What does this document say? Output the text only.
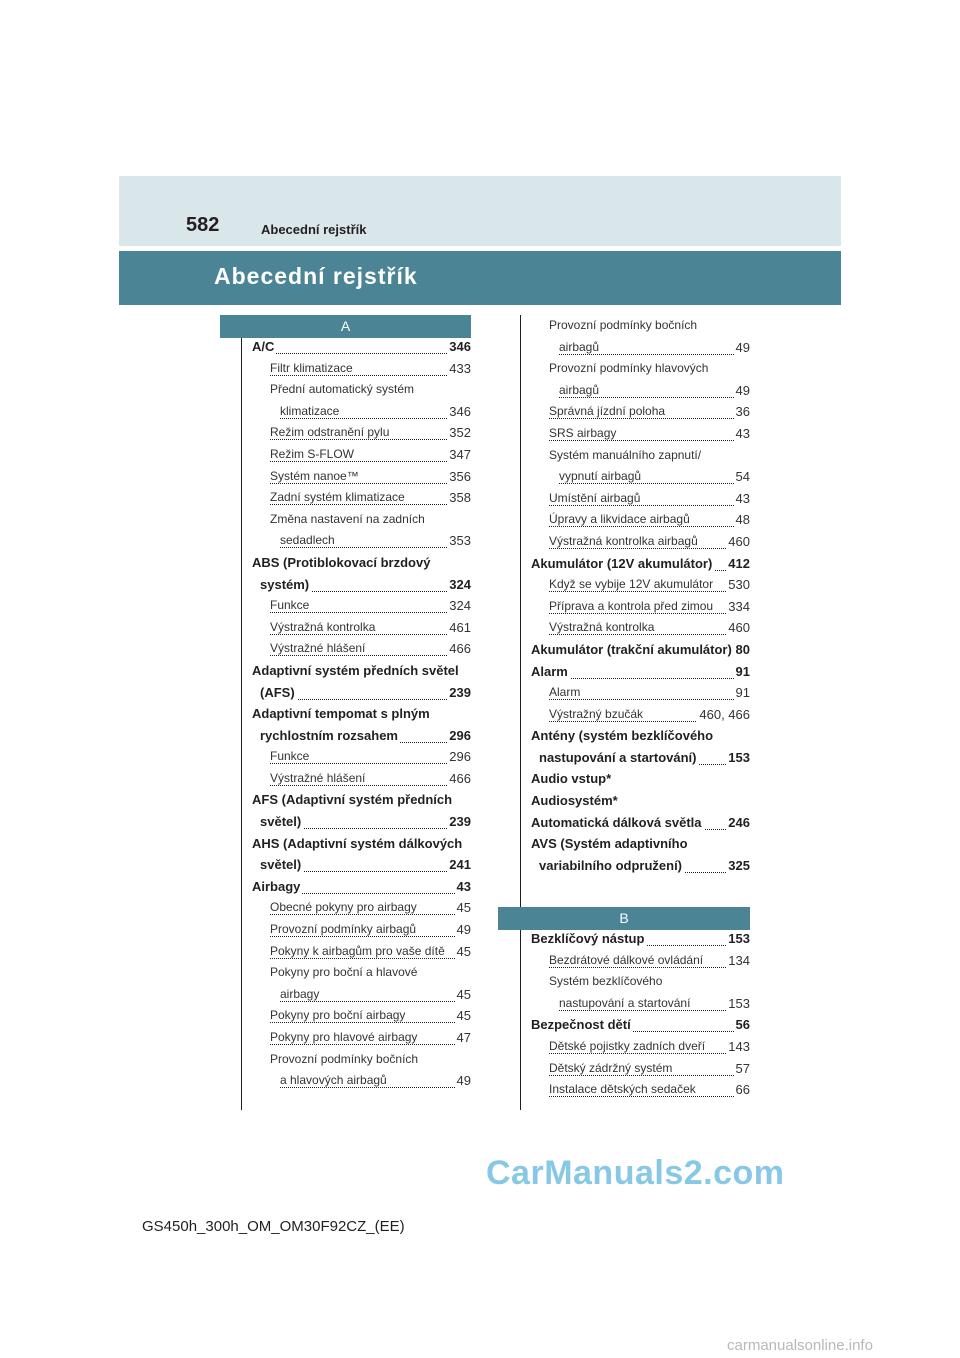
582	Abecední rejstřík
Abecední rejstřík
A
B
A/C	346
Filtr klimatizace	433
Přední automatický systém
klimatizace	346
Režim odstranění pylu	352
Režim S-FLOW	347
Systém nanoe™	356
Zadní systém klimatizace	358
Změna nastavení na zadních
sedadlech	353
ABS (Protiblokovací brzdový
systém)	324
Funkce	324
Výstražná kontrolka	461
Výstražné hlášení	466
Adaptivní systém předních světel
(AFS)	239
Adaptivní tempomat s plným
rychlostním rozsahem	296
Funkce	296
Výstražné hlášení	466
AFS (Adaptivní systém předních
světel)	239
AHS (Adaptivní systém dálkových
světel)	241
Airbagy	43
Obecné pokyny pro airbagy	45
Provozní podmínky airbagů	49
Pokyny k airbagům pro vaše dítě 45
Pokyny pro boční a hlavové
airbagy	45
Pokyny pro boční airbagy	45
Pokyny pro hlavové airbagy	47
Provozní podmínky bočních
a hlavových airbagů	49
Provozní podmínky bočních
airbagů	49
Provozní podmínky hlavových
airbagů	49
Správná jízdní poloha	36
SRS airbagy	43
Systém manuálního zapnutí/
vypnutí airbagů	54
Umístění airbagů	43
Úpravy a likvidace airbagů	48
Výstražná kontrolka airbagů 460
Akumulátor (12V akumulátor) 412
Když se vybije 12V akumulátor 530
Příprava a kontrola před zimou 334
Výstražná kontrolka	460
Akumulátor (trakční akumulátor) 80
Alarm	91
Alarm	91
Výstražný bzučák	460, 466
Antény (systém bezklíčového
nastupování a startování) 153
Audio vstup*
Audiosystém*
Automatická dálková světla 246
AVS (Systém adaptivního
variabilního odpružení)	325
Bezklíčový nástup	153
Bezdrátové dálkové ovládání 134
Systém bezklíčového
nastupování a startování	153
Bezpečnost dětí	56
Dětské pojistky zadních dveří 143
Dětský zádržný systém	57
Instalace dětských sedaček	66
GS450h_300h_OM_OM30F92CZ_(EE)
CarManuals2.com
carmanualsonline.info
